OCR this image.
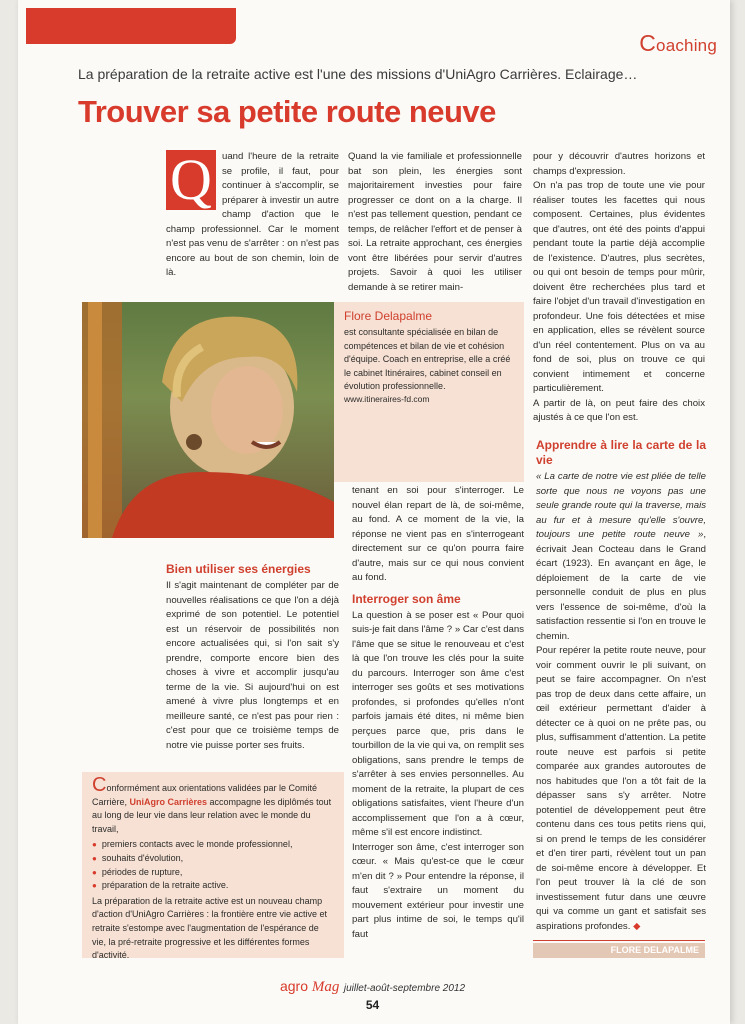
Coaching
La préparation de la retraite active est l'une des missions d'UniAgro Carrières. Eclairage…
Trouver sa petite route neuve
Q	uand l'heure de la retraite se profile, il faut, pour continuer à s'accomplir, se préparer à investir un autre champ d'action que le champ professionnel. Car le moment n'est pas venu de s'arrêter : on n'est pas encore au bout de son chemin, loin de là.

Quand la vie familiale et professionnelle bat son plein, les énergies sont majoritairement investies pour faire progresser ce dont on a la charge. Il n'est pas tellement question, pendant ce temps, de relâcher l'effort et de penser à soi. La retraite approchant, ces énergies vont être libérées pour servir d'autres projets. Savoir à quoi les utiliser demande à se retirer main-

pour y découvrir d'autres horizons et champs d'expression.

On n'a pas trop de toute une vie pour réaliser toutes les facettes qui nous composent. Certaines, plus évidentes que d'autres, ont été des points d'appui pendant toute la partie déjà accomplie de l'existence. D'autres, plus secrètes, ou qui ont besoin de temps pour mûrir, doivent être recherchées plus tard et faire l'objet d'un travail d'investigation en profondeur. Une fois détectées et mise en application, elles se révèlent source d'un réel contentement. Plus on va au fond de soi, plus on trouve ce qui convient intimement et concerne particulièrement.

A partir de là, on peut faire des choix ajustés à ce que l'on est.

Flore Delapalme
est consultante spécialisée en bilan de compétences et bilan de vie et cohésion d'équipe. Coach en entreprise, elle a créé le cabinet Itinéraires, cabinet conseil en évolution professionnelle.
www.itineraires-fd.com
Bien utiliser ses énergies

Il s'agit maintenant de compléter par de nouvelles réalisations ce que l'on a déjà exprimé de son potentiel. Le potentiel est un réservoir de possibilités non encore actualisées qui, si l'on sait s'y prendre, comporte encore bien des choses à vivre et accomplir jusqu'au terme de la vie. Si aujourd'hui on est amené à vivre plus longtemps et en meilleure santé, ce n'est pas pour rien : c'est pour que ce troisième temps de notre vie puisse porter ses fruits.

tenant en soi pour s'interroger. Le nouvel élan repart de là, de soi-même, au fond. A ce moment de la vie, la réponse ne vient pas en s'interrogeant directement sur ce qu'on pourra faire d'autre, mais sur ce qui nous convient au fond.

Interroger son âme

La question à se poser est « Pour quoi suis-je fait dans l'âme ? » Car c'est dans l'âme que se situe le renouveau et c'est là que l'on trouve les clés pour la suite du parcours. Interroger son âme c'est interroger ses goûts et ses motivations profondes, si profondes qu'elles n'ont parfois jamais été dites, ni même bien perçues parce que, pris dans le tourbillon de la vie qui va, on remplit ses obligations, sans prendre le temps de s'arrêter à ses envies personnelles. Au moment de la retraite, la plupart de ces obligations satisfaites, vient l'heure d'un accomplissement que l'on a à cœur, même s'il est encore indistinct.

Interroger son âme, c'est interroger son cœur. « Mais qu'est-ce que le cœur m'en dit ? » Pour entendre la réponse, il faut s'extraire un moment du mouvement extérieur pour investir une part plus intime de soi, le temps qu'il faut

Apprendre à lire la carte de la vie

« La carte de notre vie est pliée de telle sorte que nous ne voyons pas une seule grande route qui la traverse, mais au fur et à mesure qu'elle s'ouvre, toujours une petite route neuve », écrivait Jean Cocteau dans le Grand écart (1923). En avançant en âge, le déploiement de la carte de vie personnelle conduit de plus en plus vers l'essence de soi-même, d'où la satisfaction ressentie si l'on en trouve le chemin.

Pour repérer la petite route neuve, pour voir comment ouvrir le pli suivant, on peut se faire accompagner. On n'est pas trop de deux dans cette affaire, un œil extérieur permettant d'aider à détecter ce à quoi on ne prête pas, ou plus, suffisamment d'attention. La petite route neuve est parfois si petite comparée aux grandes autoroutes de nos habitudes que l'on a tôt fait de la dépasser sans s'y arrêter. Notre potentiel de développement peut être contenu dans ces tous petits riens qui, si on prend le temps de les considérer et d'en tirer parti, révèlent tout un pan de soi-même encore à développer. Et l'on peut trouver là la clé de son investissement futur dans une œuvre qui va comme un gant et satisfait ses aspirations profondes. ◆

Conformément aux orientations validées par le Comité Carrière, UniAgro Carrières accompagne les diplômés tout au long de leur vie dans leur relation avec le monde du travail,

● premiers contacts avec le monde professionnel,
● souhaits d'évolution,
● périodes de rupture,
● préparation de la retraite active.

La préparation de la retraite active est un nouveau champ d'action d'UniAgro Carrières : la frontière entre vie active et retraite s'estompe avec l'augmentation de l'espérance de vie, la pré-retraite progressive et les différentes formes d'activité.

FLORE DELAPALME
agro Mag juillet-août-septembre 2012
54
